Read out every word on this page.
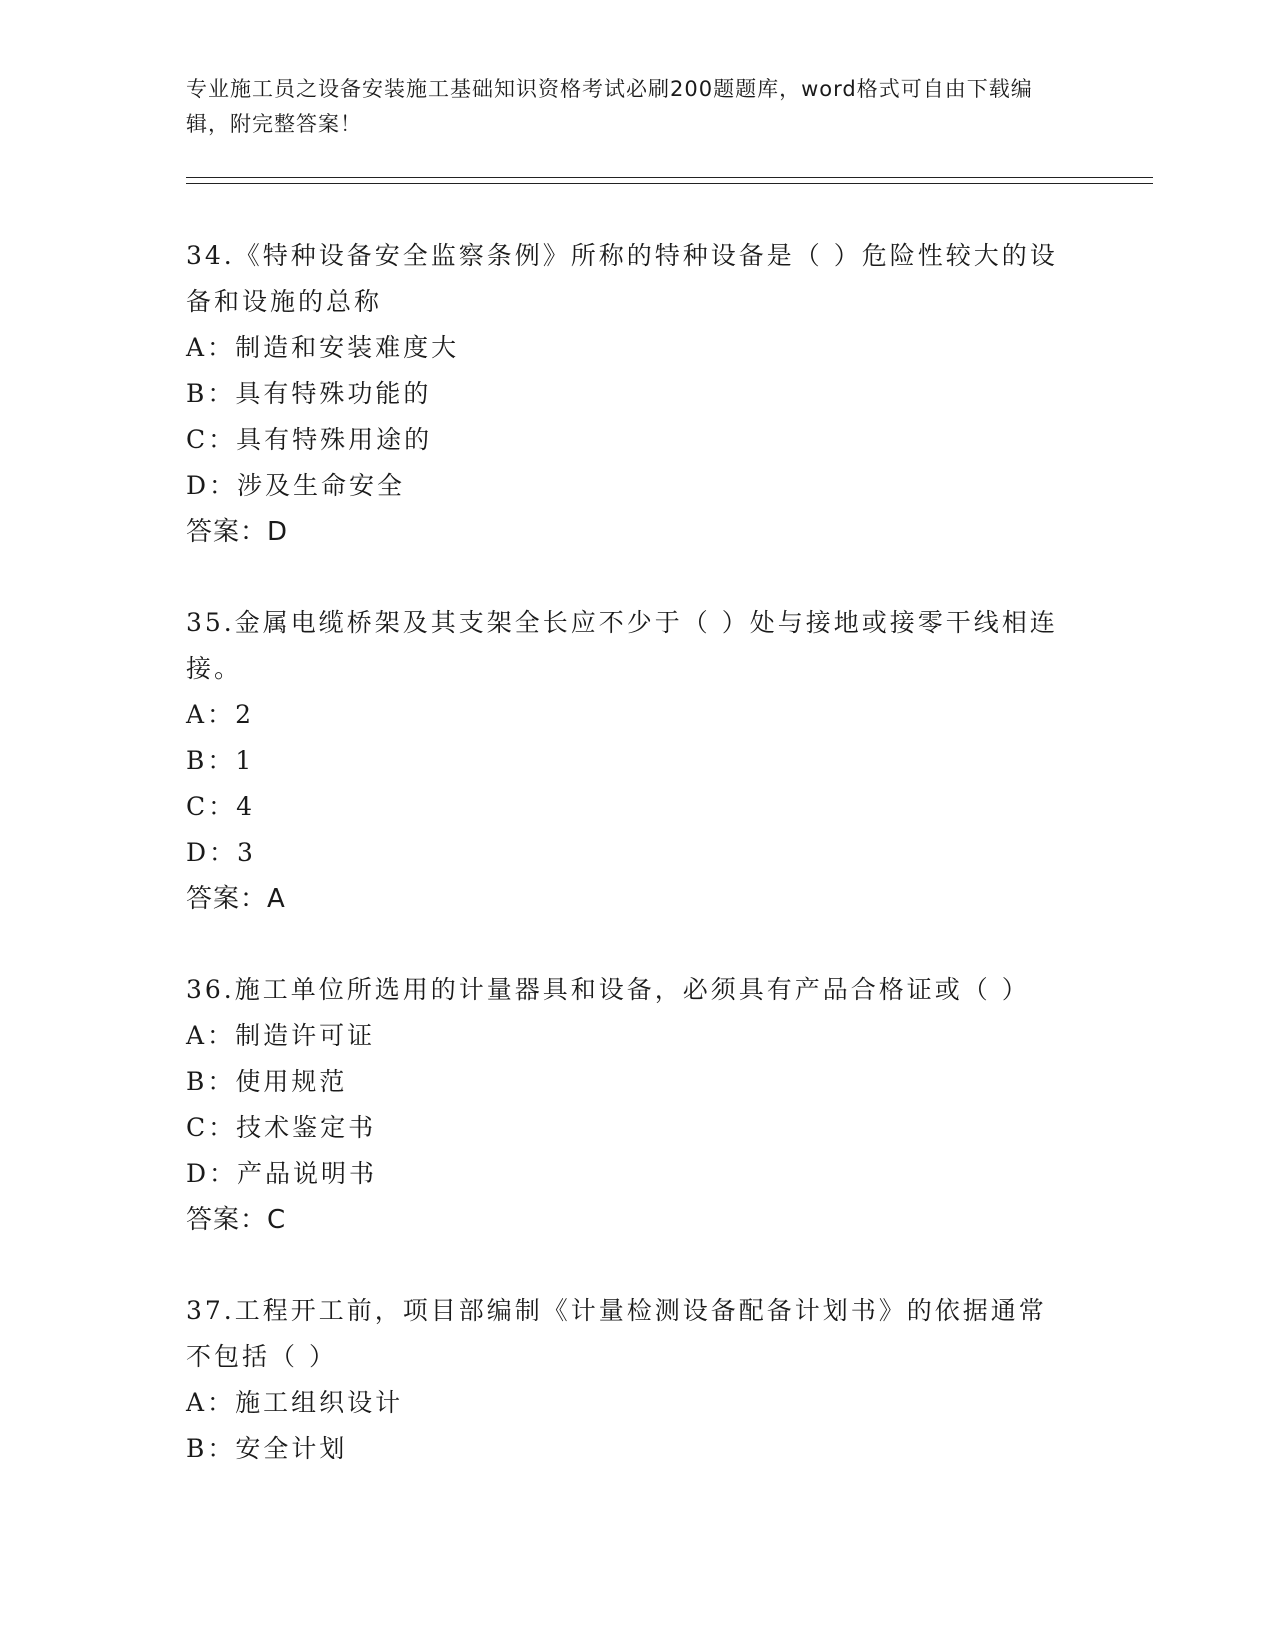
专业施工员之设备安装施工基础知识资格考试必刷200题题库，word格式可自由下载编辑，附完整答案！
34.《特种设备安全监察条例》所称的特种设备是（ ）危险性较大的设备和设施的总称
A：制造和安装难度大
B：具有特殊功能的
C：具有特殊用途的
D：涉及生命安全
答案：D
35.金属电缆桥架及其支架全长应不少于（ ）处与接地或接零干线相连接。
A：2
B：1
C：4
D：3
答案：A
36.施工单位所选用的计量器具和设备，必须具有产品合格证或（ ）
A：制造许可证
B：使用规范
C：技术鉴定书
D：产品说明书
答案：C
37.工程开工前，项目部编制《计量检测设备配备计划书》的依据通常不包括（ ）
A：施工组织设计
B：安全计划
